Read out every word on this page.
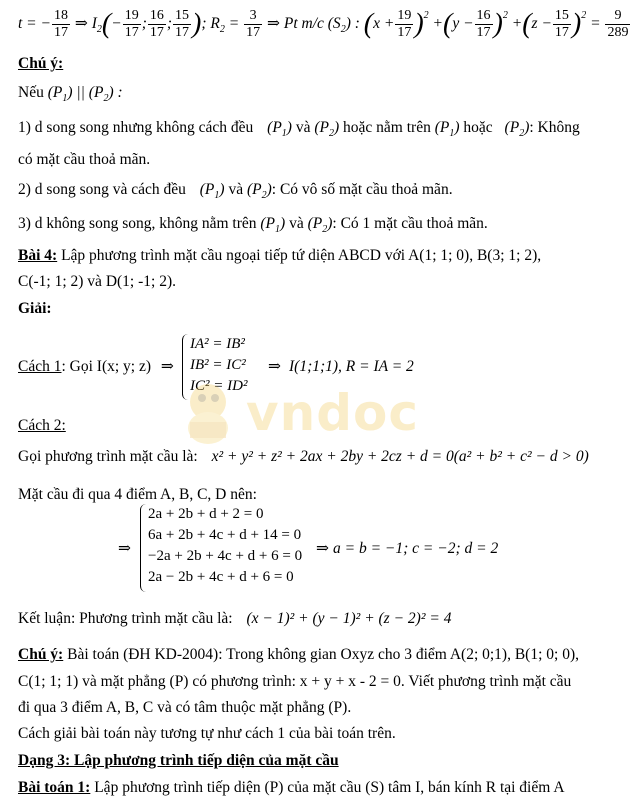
t = − $\frac{18}{17}$ ⇒ $I_2(- \frac{19}{17}$ ; $\frac{16}{17}$ ; $\frac{15}{17}$ ); $R_2 = \frac{3}{17}$ ⇒ Pt m/c $(S_2)$ : $(x + \frac{19}{17} )^2 +(y - \frac{16}{17} )^2 +(z - \frac{15}{17} )^2 = \frac{9}{289}$
Chú ý:
Nếu $(P_1)$ || $(P_2)$ :
1) d song song nhưng không cách đều $(P_1)$ và $(P_2)$ hoặc nằm trên $(P_1)$ hoặc $(P_2)$: Không
có mặt cầu thoả mãn.
2) d song song và cách đều $(P_1)$ và $(P_2)$: Có vô số mặt cầu thoả mãn.
3) d không song song, không nằm trên $(P_1)$ và $(P_2)$: Có 1 mặt cầu thoả mãn.
Bài 4: Lập phương trình mặt cầu ngoại tiếp tứ diện ABCD với A(1; 1; 0), B(3; 1; 2),
C(-1; 1; 2) và D(1; -1; 2).
Giải:
Cách 1: Gọi I(x; y; z) ⇒
IA² = IB²
IB² = IC²
IC² = ID²
⇒ I(1;1;1), R = IA = 2
vndoc
Cách 2:
Gọi phương trình mặt cầu là: x² + y² + z² + 2ax + 2by + 2cz + d = 0(a² + b² + c² − d > 0)
Mặt cầu đi qua 4 điểm A, B, C, D nên:
⇒
2a + 2b + d + 2 = 0
6a + 2b + 4c + d + 14 = 0
−2a + 2b + 4c + d + 6 = 0
2a − 2b + 4c + d + 6 = 0
⇒ a = b = −1; c = −2; d = 2
Kết luận: Phương trình mặt cầu là: (x − 1)² + (y − 1)² + (z − 2)² = 4
Chú ý: Bài toán (ĐH KD-2004): Trong không gian Oxyz cho 3 điểm A(2; 0;1), B(1; 0; 0),
C(1; 1; 1) và mặt phẳng (P) có phương trình: x + y + x - 2 = 0. Viết phương trình mặt cầu
đi qua 3 điểm A, B, C và có tâm thuộc mặt phẳng (P).
Cách giải bài toán này tương tự như cách 1 của bài toán trên.
Dạng 3: Lập phương trình tiếp diện của mặt cầu
Bài toán 1: Lập phương trình tiếp diện (P) của mặt cầu (S) tâm I, bán kính R tại điểm A
